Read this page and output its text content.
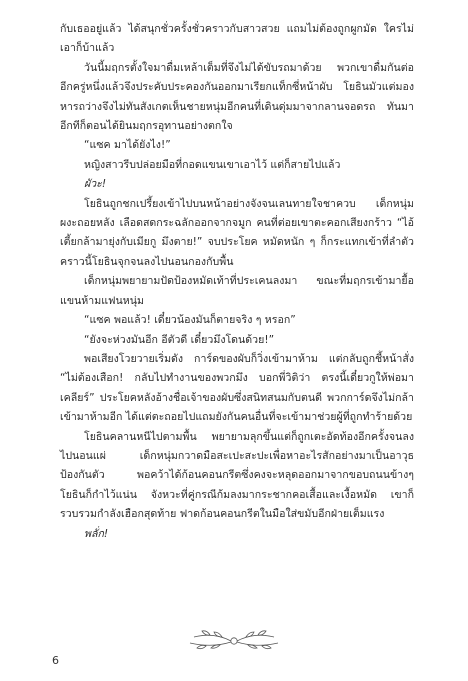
กับเธออยู่แล้ว ได้สนุกชั่วครั้งชั่วคราวกับสาวสวย แถมไม่ต้องถูกผูกมัด ใครไม่เอาก็บ้าแล้ว

วันนี้มฤกรตั้งใจมาดื่มเหล้าเต็มที่จึงไม่ได้ขับรถมาด้วย พวกเขาดื่มกันต่ออีกครู่หนึ่งแล้วจึงประคับประคองกันออกมาเรียกแท็กซี่หน้าผับ โยธินมัวแต่มองหารถว่างจึงไม่ทันสังเกตเห็นชายหนุ่มอีกคนที่เดินดุ่มมาจากลานจอดรถ ทันมาอีกทีก็ตอนได้ยินมฤกรอุทานอย่างตกใจ

“แซค มาได้ยังไง!”

หญิงสาวรีบปล่อยมือที่กอดแขนเขาเอาไว้ แต่ก็สายไปแล้ว

ผัวะ!

โยธินถูกชกเปรี้ยงเข้าไปบนหน้าอย่างจังจนเลนทายใจชาควบ เด็กหนุ่มผงะถอยหลัง เลือดสดกระฉลักออกจากจมูก คนที่ต่อยเขาตะคอกเสียงกร้าว “ไอ้เตี้ยกล้ามายุ่งกับเมียกู มึงตาย!” จบประโยค หมัดหนัก ๆ ก็กระแทกเข้าที่ลำตัวคราวนี้โยธินจุกจนลงไปนอนกองกับพื้น

เด็กหนุ่มพยายามปัดป้องหมัดเท้าที่ประเคนลงมา ขณะที่มฤกรเข้ามายื้อแขนห้ามแฟนหนุ่ม

“แซค พอแล้ว! เดี๋ยวน้องมันก็ตายจริง ๆ หรอก”

“ยังจะห่วงมันอีก อีตัวดี เดี๋ยวมึงโดนด้วย!”

พอเสียงโวยวายเริ่มดัง การ์ดของผับก็วิ่งเข้ามาห้าม แต่กลับถูกชี้หน้าสั่ง “ไม่ต้องเสือก! กลับไปทำงานของพวกมึง บอกพี่วิติว่า ตรงนี้เดี๋ยวกูให้พ่อมาเคลียร์” ประโยคหลังอ้างชื่อเจ้าของผับซึ่งสนิทสนมกับตนดี พวกการ์ดจึงไม่กล้าเข้ามาห้ามอีก ได้แต่ตะถอยไปแถมยังกันคนอื่นที่จะเข้ามาช่วยผู้ที่ถูกทำร้ายด้วย

โยธินคลานหนีไปตามพื้น พยายามลุกขึ้นแต่ก็ถูกเตะอัดท้องอีกครั้งจนลงไปนอนแผ่ เด็กหนุ่มกวาดมือสะเปะสะปะเพื่อหาอะไรสักอย่างมาเป็นอาวุธป้องกันตัว พอคว้าได้ก้อนคอนกรีตซึ่งคงจะหลุดออกมาจากขอบถนนข้างๆ โยธินก็กำไว้แน่น จังหวะที่คู่กรณีก้มลงมากระชากคอเสื้อและเงื้อหมัด เขาก็รวบรวมกำลังเฮือกสุดท้าย ฟาดก้อนคอนกรีตในมือใส่ขมับอีกฝ่ายเต็มแรง

พลั่ก!

6
